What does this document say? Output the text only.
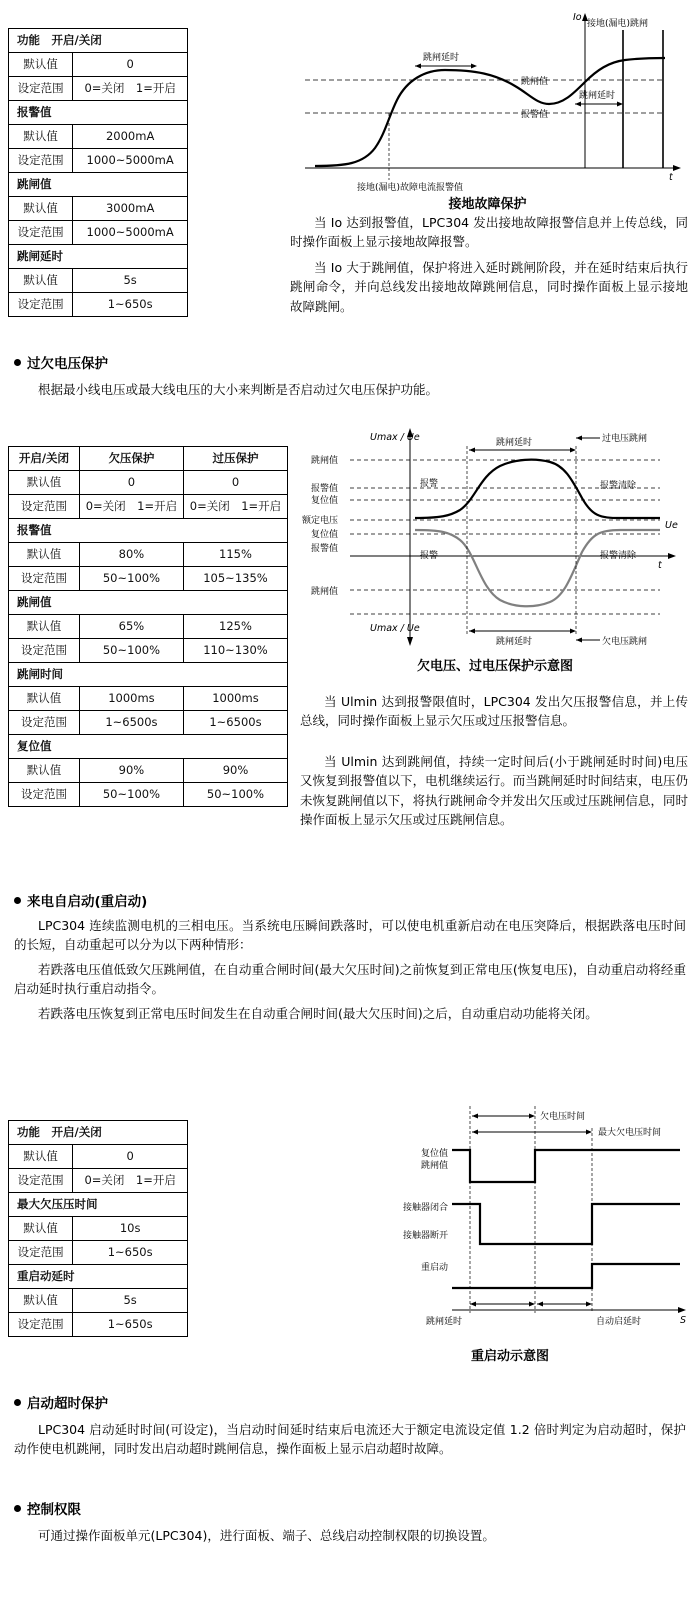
功能　开启/关闭	
默认值	0
设定范围	0=关闭　1=开启
报警值	
默认值	2000mA
设定范围	1000~5000mA
跳闸值	
默认值	3000mA
设定范围	1000~5000mA
跳闸延时	
默认值	5s
设定范围	1~650s
Io
t
跳闸值
报警值
跳闸延时
跳闸延时
接地(漏电)跳闸
接地(漏电)故障电流报警值
接地故障保护
当 Io 达到报警值，LPC304 发出接地故障报警信息并上传总线，同时操作面板上显示接地故障报警。
当 Io 大于跳闸值，保护将进入延时跳闸阶段，并在延时结束后执行跳闸命令，并向总线发出接地故障跳闸信息，同时操作面板上显示接地故障跳闸。
过欠电压保护
根据最小线电压或最大线电压的大小来判断是否启动过欠电压保护功能。
开启/关闭	欠压保护	过压保护
默认值	0	0
设定范围	0=关闭　1=开启	0=关闭　1=开启
报警值		
默认值	80%	115%
设定范围	50~100%	105~135%
跳闸值		
默认值	65%	125%
设定范围	50~100%	110~130%
跳闸时间		
默认值	1000ms	1000ms
设定范围	1~6500s	1~6500s
复位值		
默认值	90%	90%
设定范围	50~100%	50~100%
t
Umax / Ue
Umax / Ue
跳闸值
报警值
复位值
额定电压
复位值
报警值
跳闸值
Ue
跳闸延时	过电压跳闸
跳闸延时	欠电压跳闸
报警
报警
报警清除
报警清除
欠电压、过电压保护示意图
当 Ulmin 达到报警限值时，LPC304 发出欠压报警信息，并上传总线，同时操作面板上显示欠压或过压报警信息。
当 Ulmin 达到跳闸值，持续一定时间后(小于跳闸延时时间)电压又恢复到报警值以下，电机继续运行。而当跳闸延时时间结束，电压仍未恢复跳闸值以下，将执行跳闸命令并发出欠压或过压跳闸信息，同时操作面板上显示欠压或过压跳闸信息。
来电自启动(重启动)
LPC304 连续监测电机的三相电压。当系统电压瞬间跌落时，可以使电机重新启动在电压突降后，根据跌落电压时间的长短，自动重起可以分为以下两种情形：
若跌落电压值低致欠压跳闸值，在自动重合闸时间(最大欠压时间)之前恢复到正常电压(恢复电压)，自动重启动将经重启动延时执行重启动指令。
若跌落电压恢复到正常电压时间发生在自动重合闸时间(最大欠压时间)之后，自动重启动功能将关闭。
功能　开启/关闭	
默认值	0
设定范围	0=关闭　1=开启
最大欠压压时间	
默认值	10s
设定范围	1~650s
重启动延时	
默认值	5s
设定范围	1~650s
复位值
跳闸值
接触器闭合
接触器断开
重启动
欠电压时间
最大欠电压时间
S
跳闸延时	自动启延时
重启动示意图
启动超时保护
LPC304 启动延时时间(可设定)，当启动时间延时结束后电流还大于额定电流设定值 1.2 倍时判定为启动超时，保护动作使电机跳闸，同时发出启动超时跳闸信息，操作面板上显示启动超时故障。
控制权限
可通过操作面板单元(LPC304)，进行面板、端子、总线启动控制权限的切换设置。
